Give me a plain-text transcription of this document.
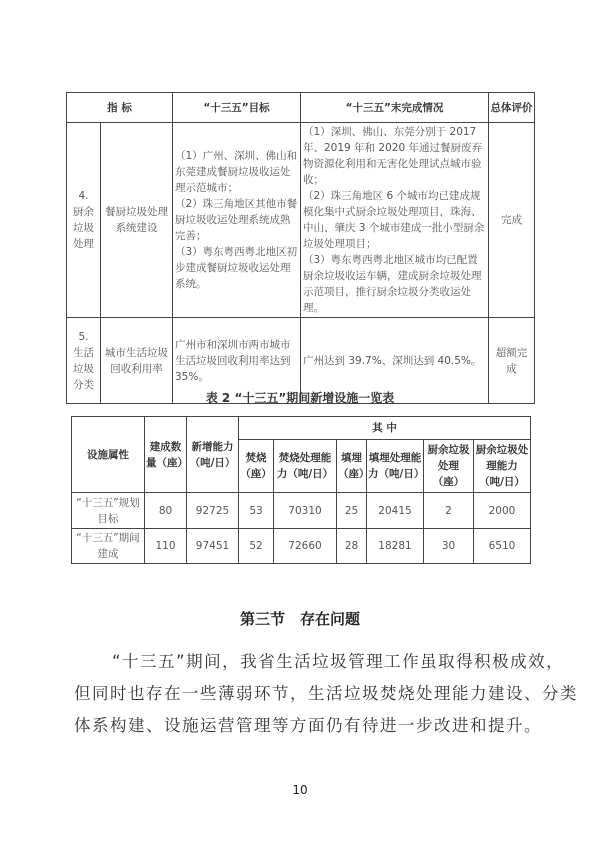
指 标		“十三五”目标	“十三五”末完成情况	总体评价
4.
厨余
垃圾
处理	餐厨垃圾处理系统建设	（1）广州、深圳、佛山和东莞建成餐厨垃圾收运处理示范城市；
（2）珠三角地区其他市餐厨垃圾收运处理系统成熟完善；
（3）粤东粤西粤北地区初步建成餐厨垃圾收运处理系统。	（1）深圳、佛山、东莞分别于 2017 年、2019 年和 2020 年通过餐厨废弃物资源化利用和无害化处理试点城市验收；
（2）珠三角地区 6 个城市均已建成规模化集中式厨余垃圾处理项目，珠海、中山、肇庆 3 个城市建成一批小型厨余垃圾处理项目；
（3）粤东粤西粤北地区城市均已配置厨余垃圾收运车辆，建成厨余垃圾处理示范项目，推行厨余垃圾分类收运处理。	完成
5.
生活
垃圾
分类	城市生活垃圾回收利用率	广州市和深圳市两市城市生活垃圾回收利用率达到35%。	广州达到 39.7%、深圳达到 40.5%。	超额完成
表 2 “十三五”期间新增设施一览表
设施属性	建成数量（座）	新增能力（吨/日）	其 中					
			焚烧（座）	焚烧处理能力（吨/日）	填埋（座）	填埋处理能力（吨/日）	厨余垃圾处理（座）	厨余垃圾处理能力（吨/日）
“十三五”规划目标	80	92725	53	70310	25	20415	2	2000
“十三五”期间建成	110	97451	52	72660	28	18281	30	6510
第三节　存在问题
“十三五”期间，我省生活垃圾管理工作虽取得积极成效，
但同时也存在一些薄弱环节，生活垃圾焚烧处理能力建设、分类
体系构建、设施运营管理等方面仍有待进一步改进和提升。
10
